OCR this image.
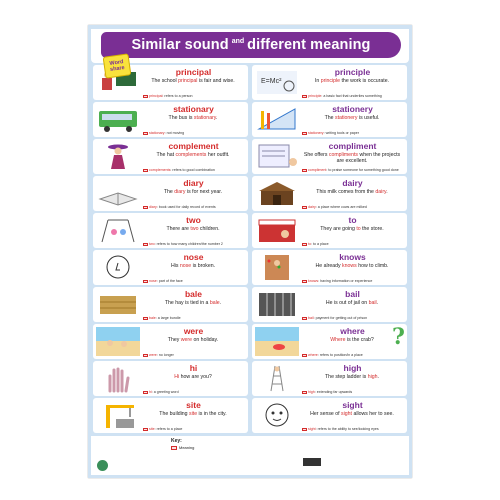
Similar sound and different meaning
Word
share	principal
The school principal is fair and wise.
principal: refers to a person
E=Mc²
principle
In principle the work is occurate.
principle: a basic fact that underlies something
stationary
The bus is stationary.
stationary: not moving
stationery
The stationery is useful.
stationery: writing tools or paper
complement
The hat complements her outfit.
complements: refers to good combination
compliment
She offers compliments when the projects are excellent.
compliment: to praise someone for something good done
diary
The diary is for next year.
diary: book used for daily record of events
dairy
This milk comes from the dairy.
dairy: a place where cows are milked
two
There are two children.
two: refers to how many children/the number 2
to
They are going to the store.
to: to a place
nose
His nose is broken.
nose: part of the face
knows
He already knows how to climb.
knows: having information or experience
bale
The hay is tied in a bale.
bale: a large bundle
bail
He is out of jail on bail.
bail: payment for getting out of prison
were
They were on holiday.
were: no longer
where
Where is the crab?
where: refers to position/in a place
hi
Hi how are you?
hi: a greeting word
high
The step ladder is high.
high: extending far upwards
site
The building site is in the city.
site: refers to a place
sight
Her sense of sight allows her to see.
sight: refers to the ability to see/looking eyes
?
Key:
Meaning
